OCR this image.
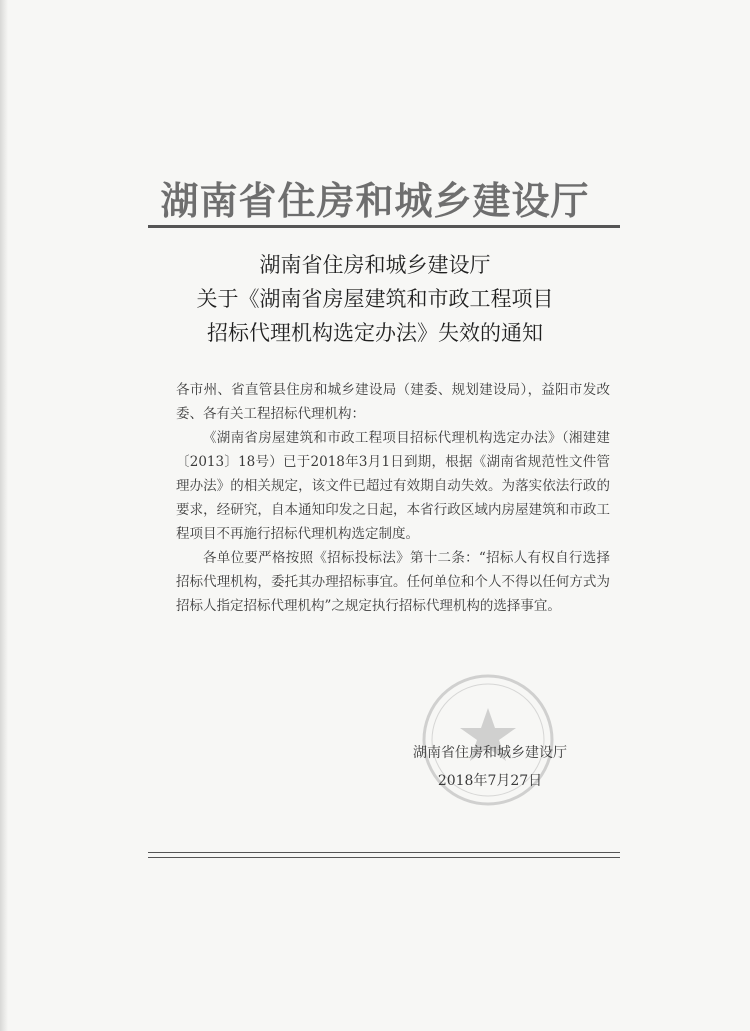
湖南省住房和城乡建设厅
湖南省住房和城乡建设厅
关于《湖南省房屋建筑和市政工程项目
招标代理机构选定办法》失效的通知

各市州、省直管县住房和城乡建设局（建委、规划建设局），益阳市发改委、各有关工程招标代理机构：

《湖南省房屋建筑和市政工程项目招标代理机构选定办法》（湘建建〔2013〕18号）已于2018年3月1日到期，根据《湖南省规范性文件管理办法》的相关规定，该文件已超过有效期自动失效。为落实依法行政的要求，经研究，自本通知印发之日起，本省行政区域内房屋建筑和市政工程项目不再施行招标代理机构选定制度。

各单位要严格按照《招标投标法》第十二条：“招标人有权自行选择招标代理机构，委托其办理招标事宜。任何单位和个人不得以任何方式为招标人指定招标代理机构”之规定执行招标代理机构的选择事宜。

湖南省住房和城乡建设厅
2018年7月27日
